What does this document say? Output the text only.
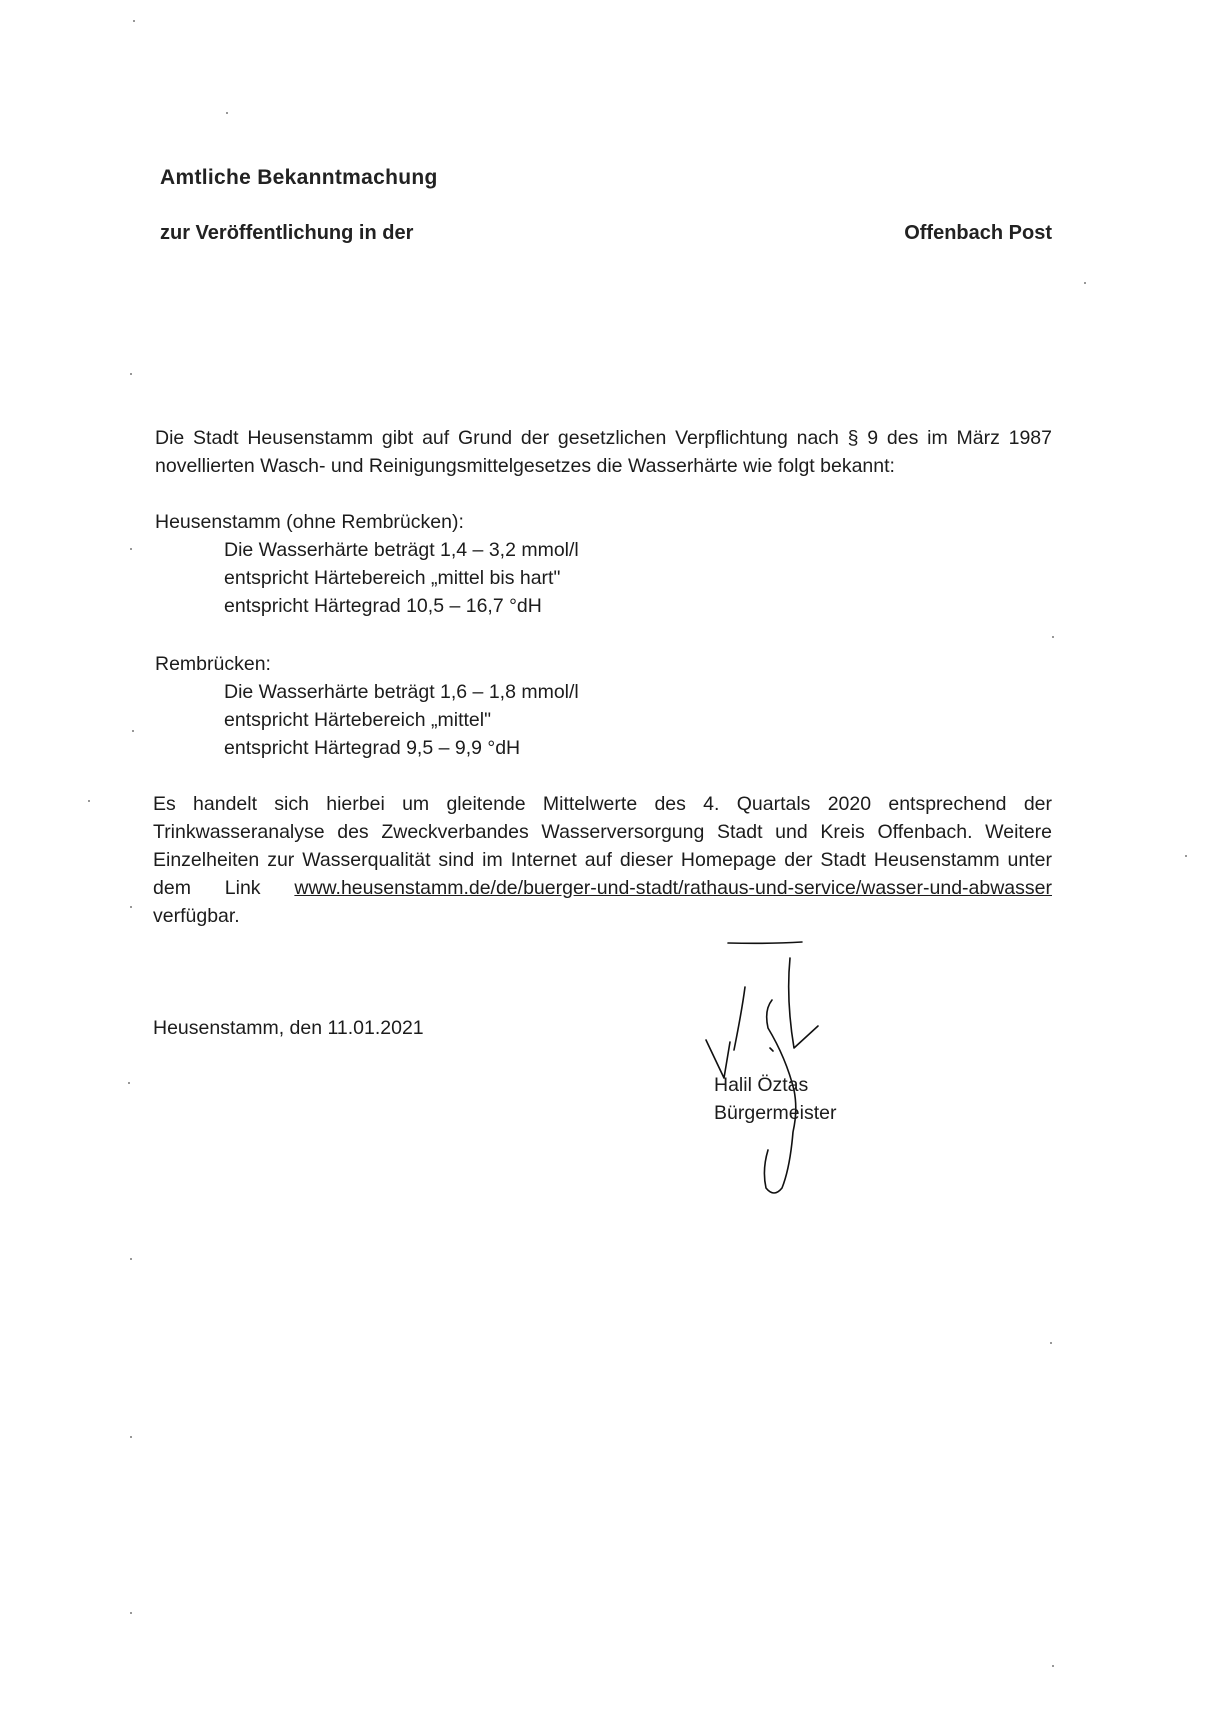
Amtliche Bekanntmachung
zur Veröffentlichung in der	Offenbach Post
Die Stadt Heusenstamm gibt auf Grund der gesetzlichen Verpflichtung nach § 9 des im März 1987 novellierten Wasch- und Reinigungsmittelgesetzes die Wasserhärte wie folgt bekannt:
Heusenstamm (ohne Rembrücken):
Die Wasserhärte beträgt 1,4 – 3,2 mmol/l
entspricht Härtebereich „mittel bis hart"
entspricht Härtegrad 10,5 – 16,7 °dH
Rembrücken:
Die Wasserhärte beträgt 1,6 – 1,8 mmol/l
entspricht Härtebereich „mittel"
entspricht Härtegrad 9,5 – 9,9 °dH
Es handelt sich hierbei um gleitende Mittelwerte des 4. Quartals 2020 entsprechend der
Trinkwasseranalyse des Zweckverbandes Wasserversorgung Stadt und Kreis Offenbach. Weitere
Einzelheiten zur Wasserqualität sind im Internet auf dieser Homepage der Stadt Heusenstamm unter
dem Link www.heusenstamm.de/de/buerger-und-stadt/rathaus-und-service/wasser-und-abwasser
verfügbar.
Heusenstamm, den 11.01.2021
Halil Öztas
Bürgermeister
